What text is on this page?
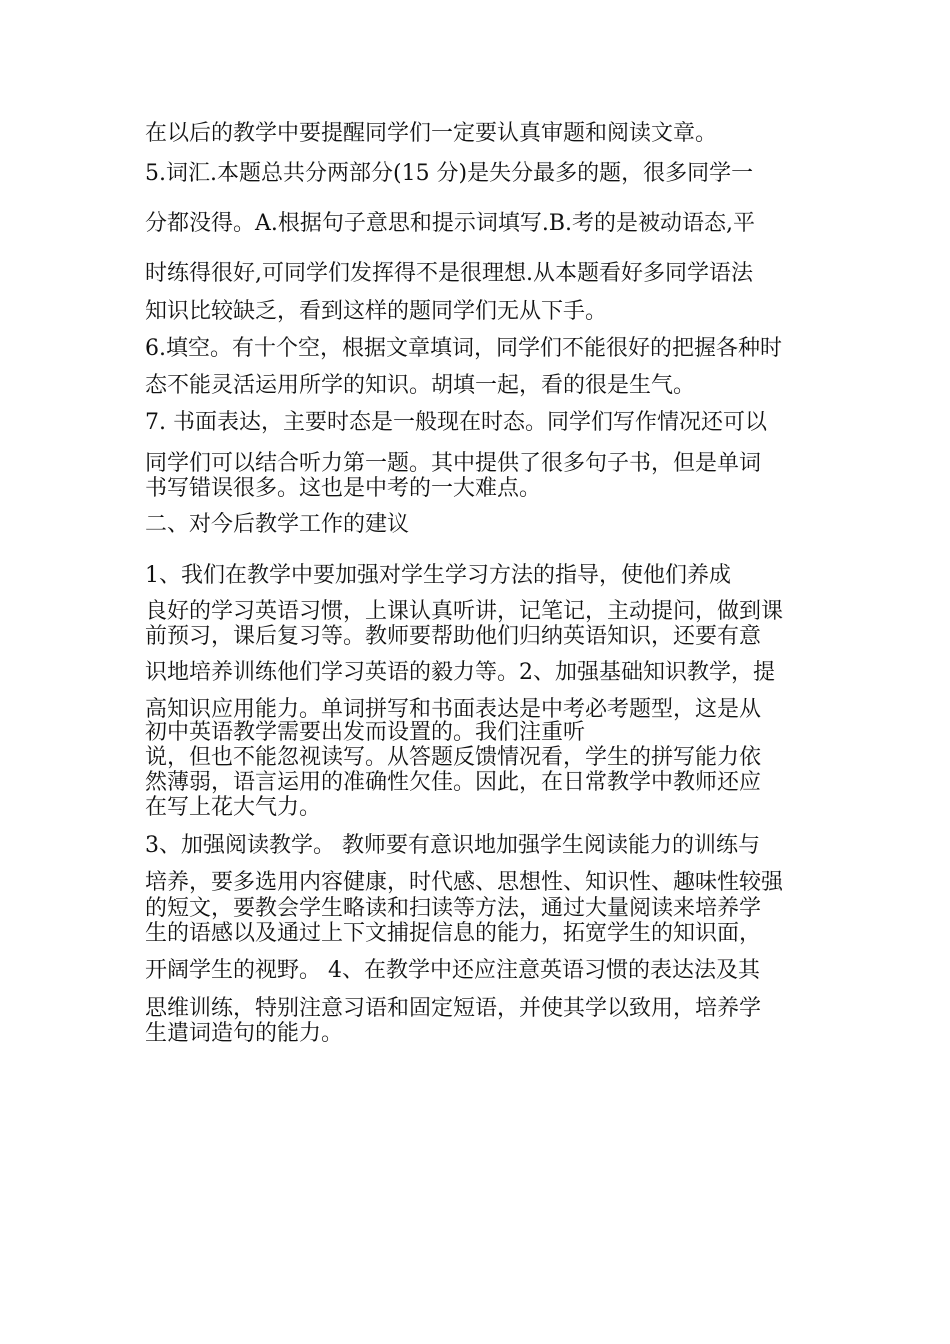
在以后的教学中要提醒同学们一定要认真审题和阅读文章。
5.词汇.本题总共分两部分(15 分)是失分最多的题，很多同学一
分都没得。A.根据句子意思和提示词填写.B.考的是被动语态,平
时练得很好,可同学们发挥得不是很理想.从本题看好多同学语法
知识比较缺乏，看到这样的题同学们无从下手。
6.填空。有十个空，根据文章填词，同学们不能很好的把握各种时
态不能灵活运用所学的知识。胡填一起，看的很是生气。
7. 书面表达，主要时态是一般现在时态。同学们写作情况还可以
同学们可以结合听力第一题。其中提供了很多句子书，但是单词
书写错误很多。这也是中考的一大难点。
二、对今后教学工作的建议
1、我们在教学中要加强对学生学习方法的指导，使他们养成
良好的学习英语习惯，上课认真听讲，记笔记，主动提问，做到课
前预习，课后复习等。教师要帮助他们归纳英语知识，还要有意
识地培养训练他们学习英语的毅力等。2、加强基础知识教学，提
高知识应用能力。单词拼写和书面表达是中考必考题型，这是从
初中英语教学需要出发而设置的。我们注重听
说，但也不能忽视读写。从答题反馈情况看，学生的拼写能力依
然薄弱，语言运用的准确性欠佳。因此，在日常教学中教师还应
在写上花大气力。
3、加强阅读教学。 教师要有意识地加强学生阅读能力的训练与
培养，要多选用内容健康，时代感、思想性、知识性、趣味性较强
的短文，要教会学生略读和扫读等方法，通过大量阅读来培养学
生的语感以及通过上下文捕捉信息的能力，拓宽学生的知识面，
开阔学生的视野。 4、在教学中还应注意英语习惯的表达法及其
思维训练，特别注意习语和固定短语，并使其学以致用，培养学
生遣词造句的能力。
